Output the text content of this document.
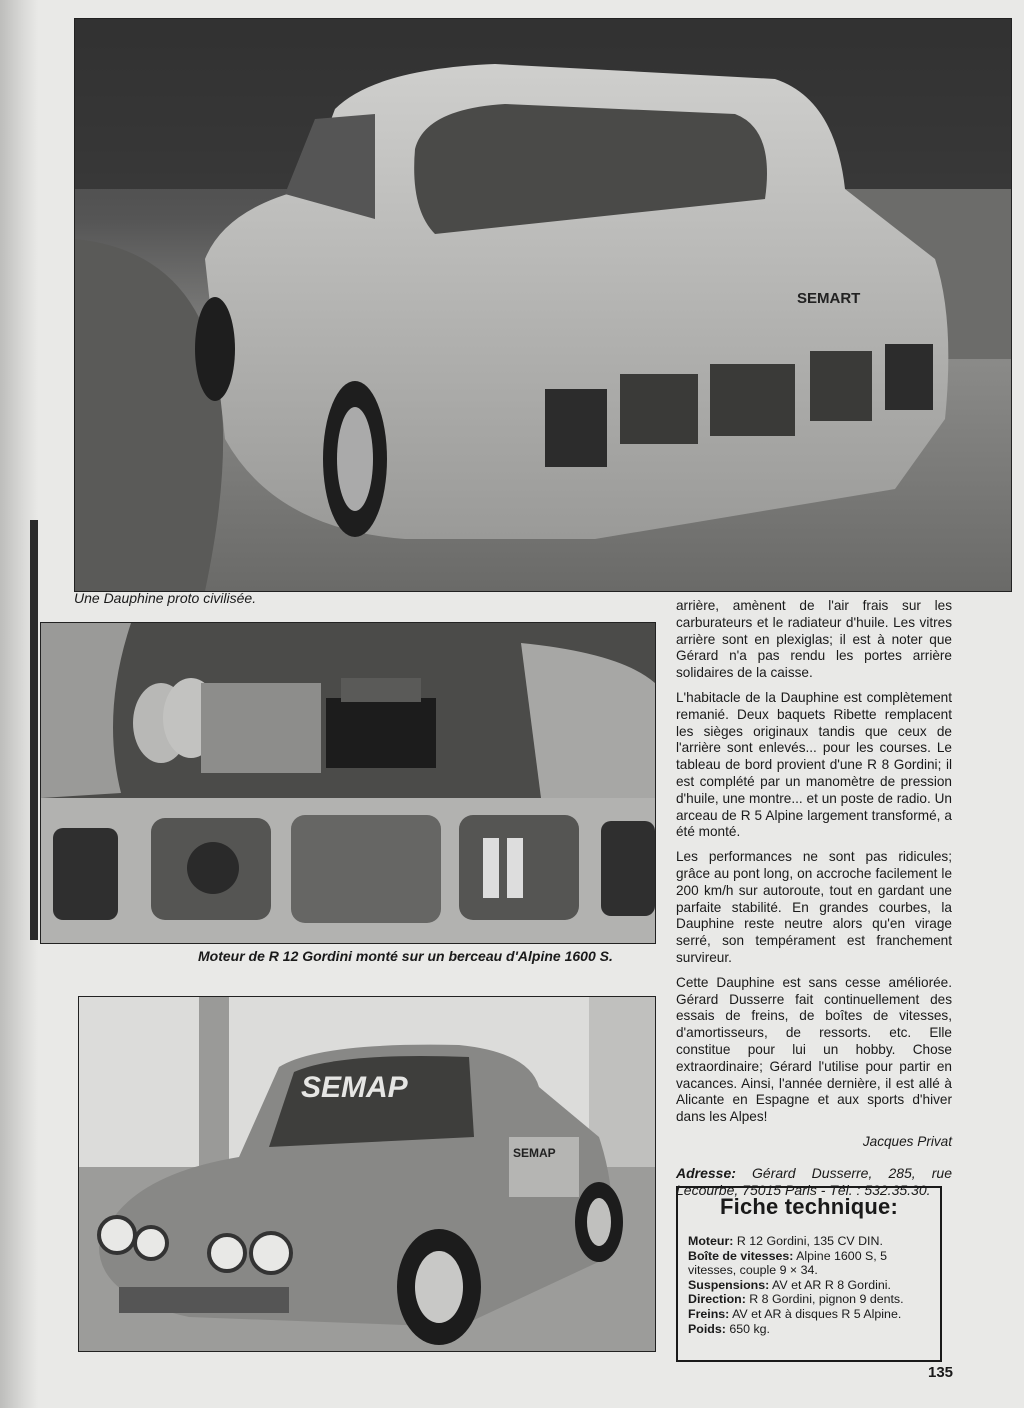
SEMART
Une Dauphine proto civilisée.
Moteur de R 12 Gordini monté sur un berceau d'Alpine 1600 S.
SEMAP
SEMAP

arrière, amènent de l'air frais sur les carburateurs et le radiateur d'huile. Les vitres arrière sont en plexiglas; il est à noter que Gérard n'a pas rendu les portes arrière solidaires de la caisse.

L'habitacle de la Dauphine est complètement remanié. Deux baquets Ribette remplacent les sièges originaux tandis que ceux de l'arrière sont enlevés... pour les courses. Le tableau de bord provient d'une R 8 Gordini; il est complété par un manomètre de pression d'huile, une montre... et un poste de radio. Un arceau de R 5 Alpine largement transformé, a été monté.

Les performances ne sont pas ridicules; grâce au pont long, on accroche facilement le 200 km/h sur autoroute, tout en gardant une parfaite stabilité. En grandes courbes, la Dauphine reste neutre alors qu'en virage serré, son tempérament est franchement survireur.

Cette Dauphine est sans cesse améliorée. Gérard Dusserre fait continuellement des essais de freins, de boîtes de vitesses, d'amortisseurs, de ressorts. etc. Elle constitue pour lui un hobby. Chose extraordinaire; Gérard l'utilise pour partir en vacances. Ainsi, l'année dernière, il est allé à Alicante en Espagne et aux sports d'hiver dans les Alpes!

Jacques Privat
Adresse: Gérard Dusserre, 285, rue Lecourbe, 75015 Paris - Tél. : 532.35.30.
Fiche technique:
Moteur: R 12 Gordini, 135 CV DIN.
Boîte de vitesses: Alpine 1600 S, 5 vitesses, couple 9 × 34.
Suspensions: AV et AR R 8 Gordini.
Direction: R 8 Gordini, pignon 9 dents.
Freins: AV et AR à disques R 5 Alpine.
Poids: 650 kg.
135
